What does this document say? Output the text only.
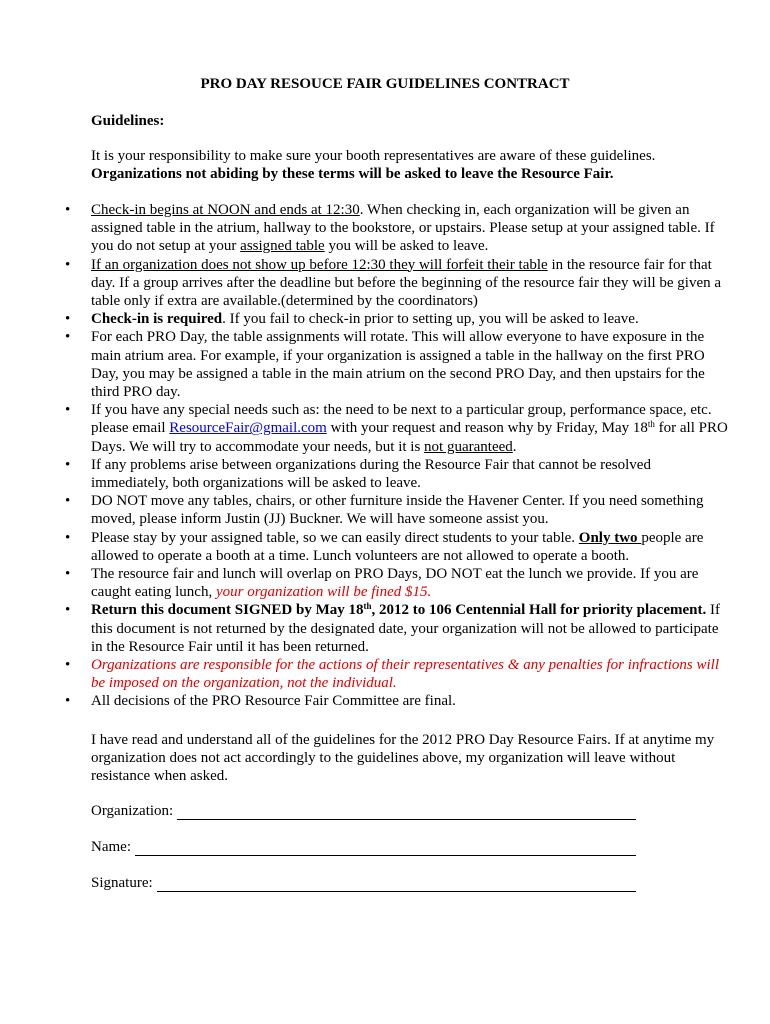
PRO DAY RESOUCE FAIR GUIDELINES CONTRACT
Guidelines:
It is your responsibility to make sure your booth representatives are aware of these guidelines.
Organizations not abiding by these terms will be asked to leave the Resource Fair.
• Check-in begins at NOON and ends at 12:30. When checking in, each organization will be given an assigned table in the atrium, hallway to the bookstore, or upstairs. Please setup at your assigned table. If you do not setup at your assigned table you will be asked to leave.
• If an organization does not show up before 12:30 they will forfeit their table in the resource fair for that day. If a group arrives after the deadline but before the beginning of the resource fair they will be given a table only if extra are available.(determined by the coordinators)
• Check-in is required. If you fail to check-in prior to setting up, you will be asked to leave.
• For each PRO Day, the table assignments will rotate. This will allow everyone to have exposure in the main atrium area. For example, if your organization is assigned a table in the hallway on the first PRO Day, you may be assigned a table in the main atrium on the second PRO Day, and then upstairs for the third PRO day.
• If you have any special needs such as: the need to be next to a particular group, performance space, etc. please email ResourceFair@gmail.com with your request and reason why by Friday, May 18th for all PRO Days. We will try to accommodate your needs, but it is not guaranteed.
• If any problems arise between organizations during the Resource Fair that cannot be resolved immediately, both organizations will be asked to leave.
• DO NOT move any tables, chairs, or other furniture inside the Havener Center. If you need something moved, please inform Justin (JJ) Buckner. We will have someone assist you.
• Please stay by your assigned table, so we can easily direct students to your table. Only two people are allowed to operate a booth at a time. Lunch volunteers are not allowed to operate a booth.
• The resource fair and lunch will overlap on PRO Days, DO NOT eat the lunch we provide. If you are caught eating lunch, your organization will be fined $15.
• Return this document SIGNED by May 18th, 2012 to 106 Centennial Hall for priority placement. If this document is not returned by the designated date, your organization will not be allowed to participate in the Resource Fair until it has been returned.
• Organizations are responsible for the actions of their representatives & any penalties for infractions will be imposed on the organization, not the individual.
• All decisions of the PRO Resource Fair Committee are final.
I have read and understand all of the guidelines for the 2012 PRO Day Resource Fairs. If at anytime my organization does not act accordingly to the guidelines above, my organization will leave without resistance when asked.
Organization:
Name:
Signature:
